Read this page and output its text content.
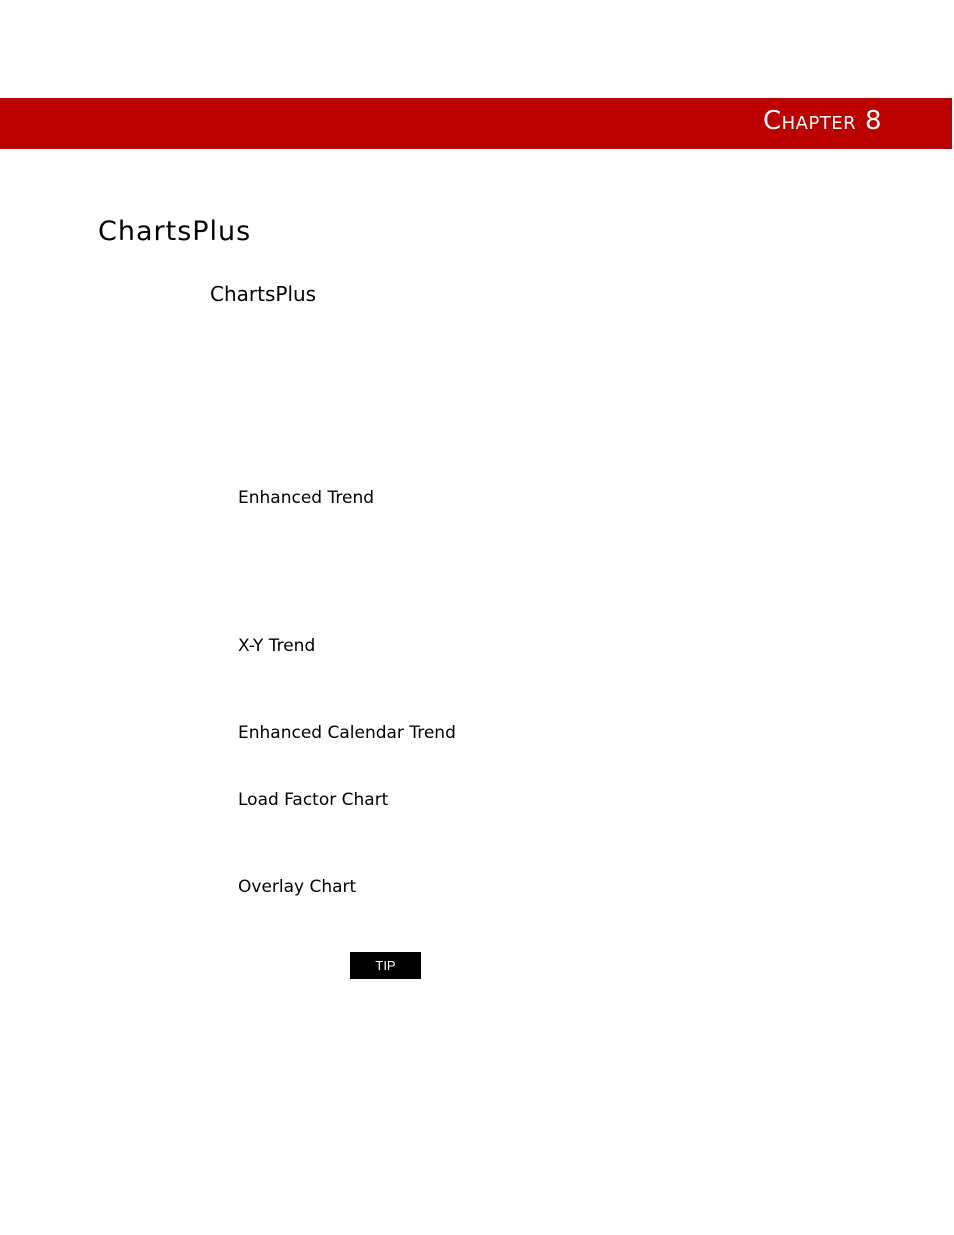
Chapter 8
ChartsPlus
ChartsPlus
Enhanced Trend
X-Y Trend
Enhanced Calendar Trend
Load Factor Chart
Overlay Chart
TIP
